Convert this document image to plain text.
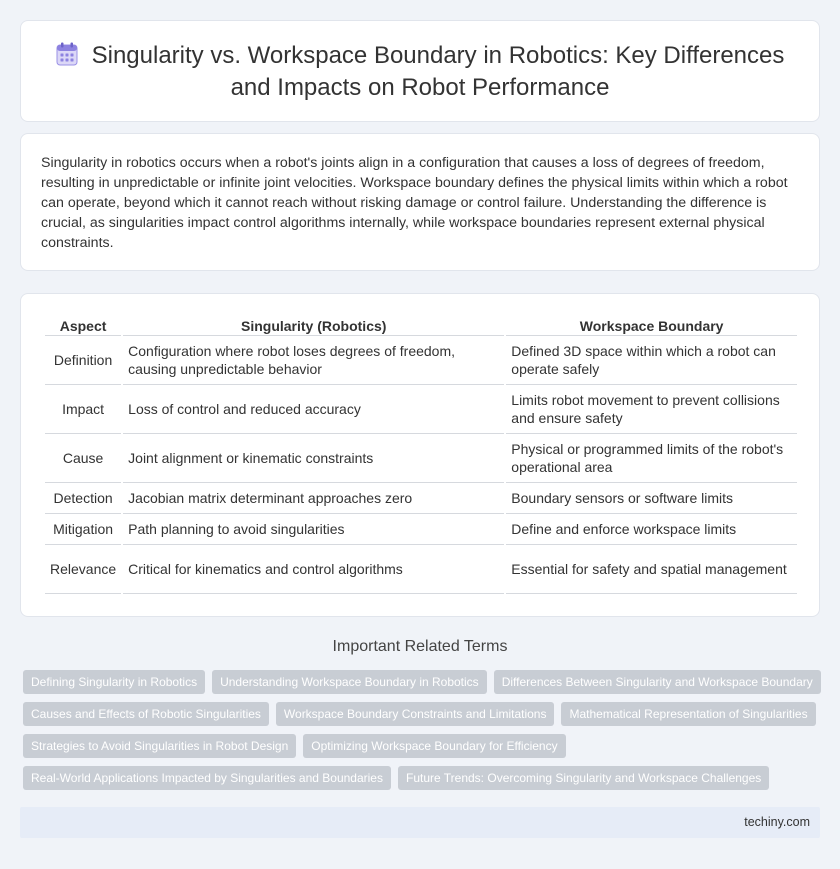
Singularity vs. Workspace Boundary in Robotics: Key Differences and Impacts on Robot Performance

Singularity in robotics occurs when a robot's joints align in a configuration that causes a loss of degrees of freedom, resulting in unpredictable or infinite joint velocities. Workspace boundary defines the physical limits within which a robot can operate, beyond which it cannot reach without risking damage or control failure. Understanding the difference is crucial, as singularities impact control algorithms internally, while workspace boundaries represent external physical constraints.

Aspect	Singularity (Robotics)	Workspace Boundary
Definition	Configuration where robot loses degrees of freedom, causing unpredictable behavior	Defined 3D space within which a robot can operate safely
Impact	Loss of control and reduced accuracy	Limits robot movement to prevent collisions and ensure safety
Cause	Joint alignment or kinematic constraints	Physical or programmed limits of the robot's operational area
Detection	Jacobian matrix determinant approaches zero	Boundary sensors or software limits
Mitigation	Path planning to avoid singularities	Define and enforce workspace limits
Relevance	Critical for kinematics and control algorithms	Essential for safety and spatial management
Important Related Terms
Defining Singularity in Robotics	Understanding Workspace Boundary in Robotics	Differences Between Singularity and Workspace Boundary
Causes and Effects of Robotic Singularities	Workspace Boundary Constraints and Limitations	Mathematical Representation of Singularities
Strategies to Avoid Singularities in Robot Design	Optimizing Workspace Boundary for Efficiency
Real-World Applications Impacted by Singularities and Boundaries	Future Trends: Overcoming Singularity and Workspace Challenges
techiny.com
